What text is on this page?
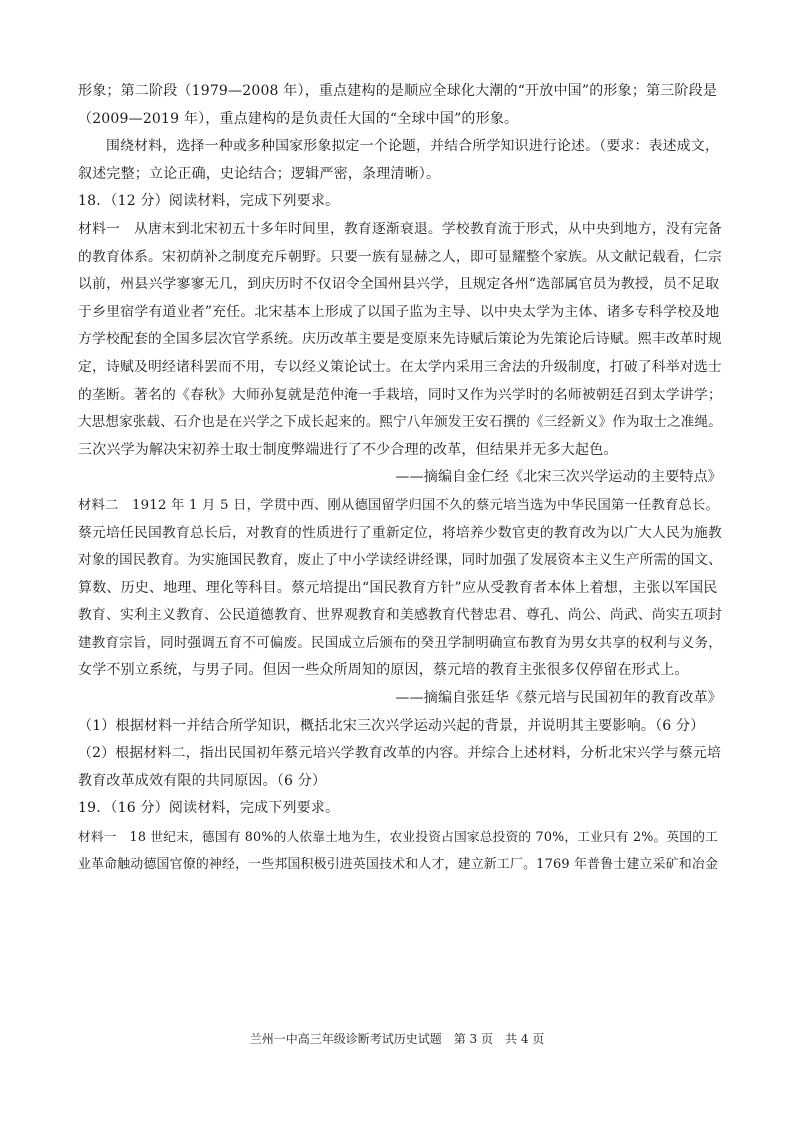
形象；第二阶段（1979—2008 年），重点建构的是顺应全球化大潮的“开放中国”的形象；第三阶段是
（2009—2019 年），重点建构的是负责任大国的“全球中国”的形象。
围绕材料，选择一种或多种国家形象拟定一个论题，并结合所学知识进行论述。（要求：表述成文，
叙述完整；立论正确，史论结合；逻辑严密，条理清晰）。
18．（12 分）阅读材料，完成下列要求。
材料一　从唐末到北宋初五十多年时间里，教育逐渐衰退。学校教育流于形式，从中央到地方，没有完备
的教育体系。宋初荫补之制度充斥朝野。只要一族有显赫之人，即可显耀整个家族。从文献记载看，仁宗
以前，州县兴学寥寥无几，到庆历时不仅诏令全国州县兴学，且规定各州“选部属官员为教授，员不足取
于乡里宿学有道业者”充任。北宋基本上形成了以国子监为主导、以中央太学为主体、诸多专科学校及地
方学校配套的全国多层次官学系统。庆历改革主要是变原来先诗赋后策论为先策论后诗赋。熙丰改革时规
定，诗赋及明经诸科罢而不用，专以经义策论试士。在太学内采用三舍法的升级制度，打破了科举对选士
的垄断。著名的《春秋》大师孙复就是范仲淹一手栽培，同时又作为兴学时的名师被朝廷召到太学讲学；
大思想家张载、石介也是在兴学之下成长起来的。熙宁八年颁发王安石撰的《三经新义》作为取士之准绳。
三次兴学为解决宋初养士取士制度弊端进行了不少合理的改革，但结果并无多大起色。
——摘编自金仁经《北宋三次兴学运动的主要特点》
材料二　1912 年 1 月 5 日，学贯中西、刚从德国留学归国不久的蔡元培当选为中华民国第一任教育总长。
蔡元培任民国教育总长后，对教育的性质进行了重新定位，将培养少数官吏的教育改为以广大人民为施教
对象的国民教育。为实施国民教育，废止了中小学读经讲经课，同时加强了发展资本主义生产所需的国文、
算数、历史、地理、理化等科目。蔡元培提出“国民教育方针”应从受教育者本体上着想，主张以军国民
教育、实利主义教育、公民道德教育、世界观教育和美感教育代替忠君、尊孔、尚公、尚武、尚实五项封
建教育宗旨，同时强调五育不可偏废。民国成立后颁布的癸丑学制明确宣布教育为男女共享的权利与义务，
女学不别立系统，与男子同。但因一些众所周知的原因，蔡元培的教育主张很多仅停留在形式上。
——摘编自张廷华《蔡元培与民国初年的教育改革》
（1）根据材料一并结合所学知识，概括北宋三次兴学运动兴起的背景，并说明其主要影响。（6 分）
（2）根据材料二，指出民国初年蔡元培兴学教育改革的内容。并综合上述材料，分析北宋兴学与蔡元培
教育改革成效有限的共同原因。（6 分）
19．（16 分）阅读材料，完成下列要求。
材料一　18 世纪末，德国有 80%的人依靠土地为生，农业投资占国家总投资的 70%，工业只有 2%。英国的工
业革命触动德国官僚的神经，一些邦国积极引进英国技术和人才，建立新工厂。1769 年普鲁士建立采矿和冶金
兰州一中高三年级诊断考试历史试题　第 3 页　共 4 页
